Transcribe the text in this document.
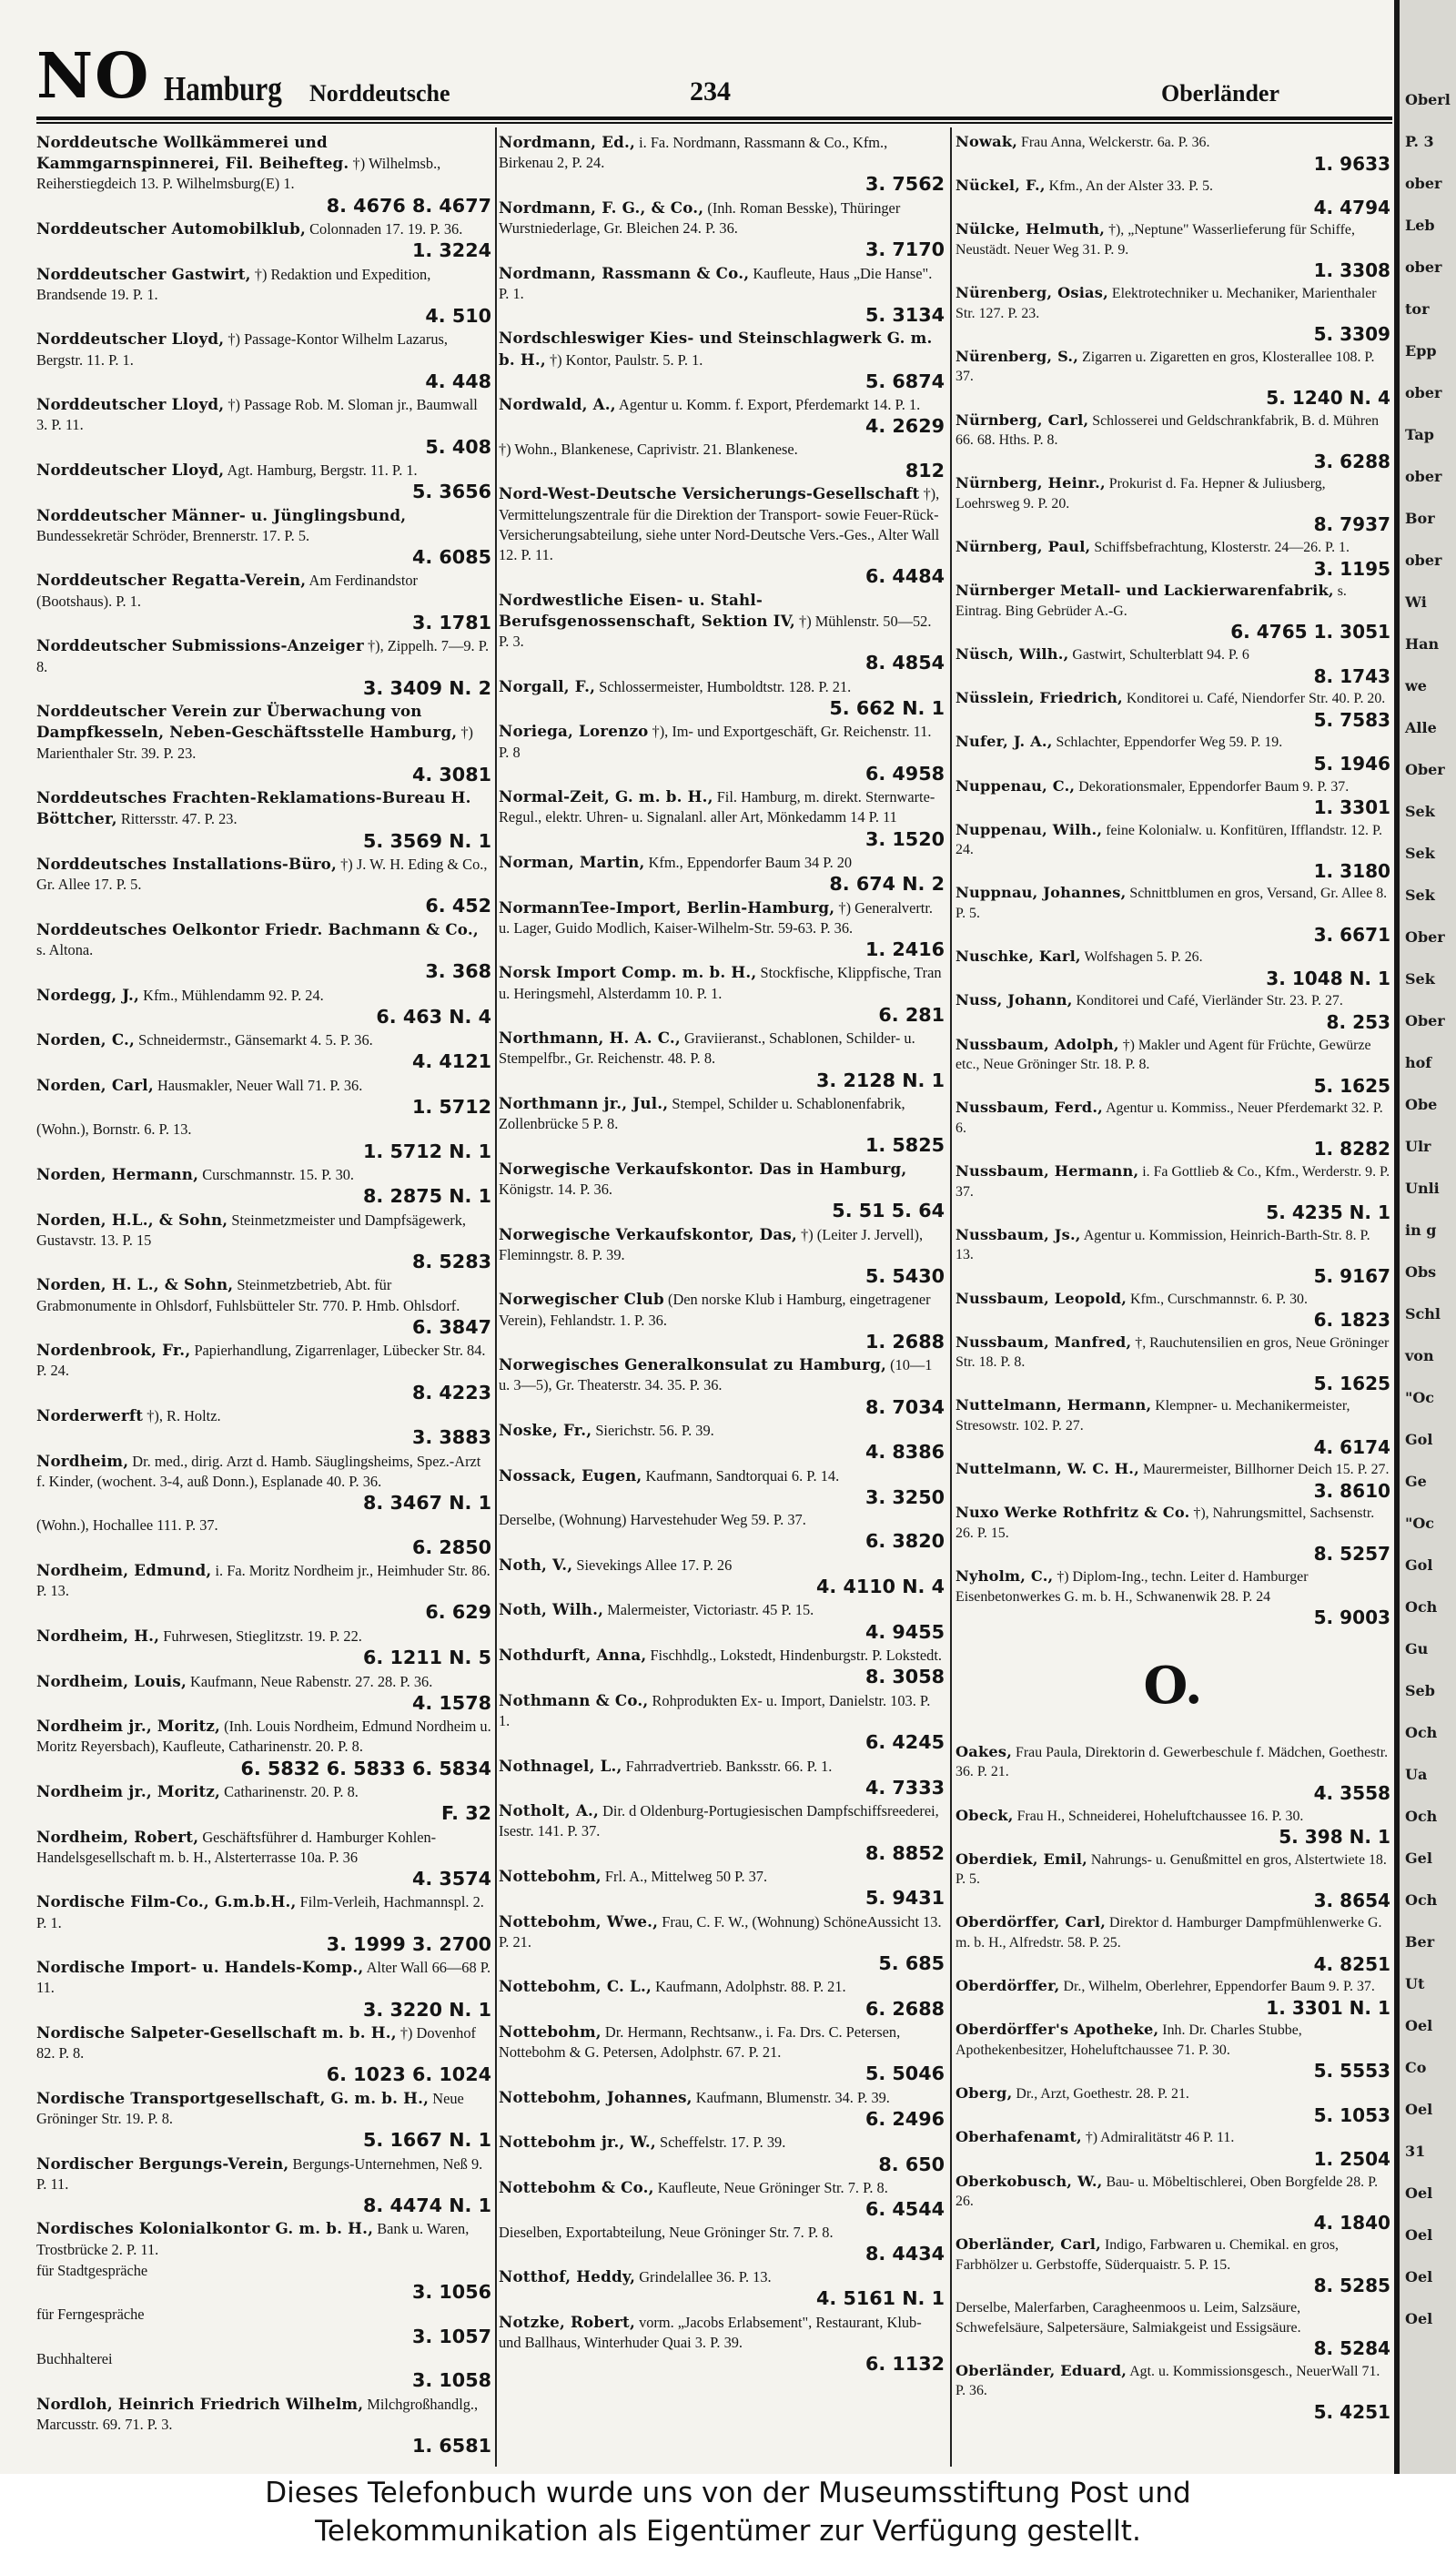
NO Hamburg Norddeutsche	234	Oberländer
Norddeutsche Wollkämmerei und Kammgarnspinnerei, Fil. Beihefteg. †) Wilhelmsb., Reiherstiegdeich 13. P. Wilhelmsburg(E) 1.
8. 4676 8. 4677
Norddeutscher Automobilklub, Colonnaden 17. 19. P. 36.
1. 3224
Norddeutscher Gastwirt, †) Redaktion und Expedition, Brandsende 19. P. 1.
4. 510
Norddeutscher Lloyd, †) Passage-Kontor Wilhelm Lazarus, Bergstr. 11. P. 1.
4. 448
Norddeutscher Lloyd, †) Passage Rob. M. Sloman jr., Baumwall 3. P. 11.
5. 408
Norddeutscher Lloyd, Agt. Hamburg, Bergstr. 11. P. 1.
5. 3656
Norddeutscher Männer- u. Jünglingsbund, Bundessekretär Schröder, Brennerstr. 17. P. 5.
4. 6085
Norddeutscher Regatta-Verein, Am Ferdinandstor (Bootshaus). P. 1.
3. 1781
Norddeutscher Submissions-Anzeiger †), Zippelh. 7—9. P. 8.
3. 3409 N. 2
Norddeutscher Verein zur Überwachung von Dampfkesseln, Neben-Geschäftsstelle Hamburg, †) Marienthaler Str. 39. P. 23.
4. 3081
Norddeutsches Frachten-Reklamations-Bureau H. Böttcher, Rittersstr. 47. P. 23.
5. 3569 N. 1
Norddeutsches Installations-Büro, †) J. W. H. Eding & Co., Gr. Allee 17. P. 5.
6. 452
Norddeutsches Oelkontor Friedr. Bachmann & Co., s. Altona.
3. 368
Nordegg, J., Kfm., Mühlendamm 92. P. 24.
6. 463 N. 4
Norden, C., Schneidermstr., Gänsemarkt 4. 5. P. 36.
4. 4121
Norden, Carl, Hausmakler, Neuer Wall 71. P. 36.
1. 5712
(Wohn.), Bornstr. 6. P. 13.
1. 5712 N. 1
Norden, Hermann, Curschmannstr. 15. P. 30.
8. 2875 N. 1
Norden, H.L., & Sohn, Steinmetzmeister und Dampfsägewerk, Gustavstr. 13. P. 15
8. 5283
Norden, H. L., & Sohn, Steinmetzbetrieb, Abt. für Grabmonumente in Ohlsdorf, Fuhlsbütteler Str. 770. P. Hmb. Ohlsdorf.
6. 3847
Nordenbrook, Fr., Papierhandlung, Zigarrenlager, Lübecker Str. 84. P. 24.
8. 4223
Norderwerft †), R. Holtz.
3. 3883
Nordheim, Dr. med., dirig. Arzt d. Hamb. Säuglingsheims, Spez.-Arzt f. Kinder, (wochent. 3-4, auß Donn.), Esplanade 40. P. 36.
8. 3467 N. 1
(Wohn.), Hochallee 111. P. 37.
6. 2850
Nordheim, Edmund, i. Fa. Moritz Nordheim jr., Heimhuder Str. 86. P. 13.
6. 629
Nordheim, H., Fuhrwesen, Stieglitzstr. 19. P. 22.
6. 1211 N. 5
Nordheim, Louis, Kaufmann, Neue Rabenstr. 27. 28. P. 36.
4. 1578
Nordheim jr., Moritz, (Inh. Louis Nordheim, Edmund Nordheim u. Moritz Reyersbach), Kaufleute, Catharinenstr. 20. P. 8.
6. 5832 6. 5833 6. 5834
Nordheim jr., Moritz, Catharinenstr. 20. P. 8.
F. 32
Nordheim, Robert, Geschäftsführer d. Hamburger Kohlen-Handelsgesellschaft m. b. H., Alsterterrasse 10a. P. 36
4. 3574
Nordische Film-Co., G.m.b.H., Film-Verleih, Hachmannspl. 2. P. 1.
3. 1999 3. 2700
Nordische Import- u. Handels-Komp., Alter Wall 66—68 P. 11.
3. 3220 N. 1
Nordische Salpeter-Gesellschaft m. b. H., †) Dovenhof 82. P. 8.
6. 1023 6. 1024
Nordische Transportgesellschaft, G. m. b. H., Neue Gröninger Str. 19. P. 8.
5. 1667 N. 1
Nordischer Bergungs-Verein, Bergungs-Unternehmen, Neß 9. P. 11.
8. 4474 N. 1
Nordisches Kolonialkontor G. m. b. H., Bank u. Waren, Trostbrücke 2. P. 11.
für Stadtgespräche
3. 1056
für Ferngespräche
3. 1057
Buchhalterei
3. 1058
Nordloh, Heinrich Friedrich Wilhelm, Milchgroßhandlg., Marcusstr. 69. 71. P. 3.
1. 6581
Nordmann, Ed., i. Fa. Nordmann, Rassmann & Co., Kfm., Birkenau 2, P. 24.
3. 7562
Nordmann, F. G., & Co., (Inh. Roman Besske), Thüringer Wurstniederlage, Gr. Bleichen 24. P. 36.
3. 7170
Nordmann, Rassmann & Co., Kaufleute, Haus „Die Hanse". P. 1.
5. 3134
Nordschleswiger Kies- und Steinschlagwerk G. m. b. H., †) Kontor, Paulstr. 5. P. 1.
5. 6874
Nordwald, A., Agentur u. Komm. f. Export, Pferdemarkt 14. P. 1.
4. 2629
†) Wohn., Blankenese, Caprivistr. 21. Blankenese.
812
Nord-West-Deutsche Versicherungs-Gesellschaft †), Vermittelungszentrale für die Direktion der Transport- sowie Feuer-Rück-Versicherungsabteilung, siehe unter Nord-Deutsche Vers.-Ges., Alter Wall 12. P. 11.
6. 4484
Nordwestliche Eisen- u. Stahl-Berufsgenossenschaft, Sektion IV, †) Mühlenstr. 50—52. P. 3.
8. 4854
Norgall, F., Schlossermeister, Humboldtstr. 128. P. 21.
5. 662 N. 1
Noriega, Lorenzo †), Im- und Exportgeschäft, Gr. Reichenstr. 11. P. 8
6. 4958
Normal-Zeit, G. m. b. H., Fil. Hamburg, m. direkt. Sternwarte-Regul., elektr. Uhren- u. Signalanl. aller Art, Mönkedamm 14 P. 11
3. 1520
Norman, Martin, Kfm., Eppendorfer Baum 34 P. 20
8. 674 N. 2
NormannTee-Import, Berlin-Hamburg, †) Generalvertr. u. Lager, Guido Modlich, Kaiser-Wilhelm-Str. 59-63. P. 36.
1. 2416
Norsk Import Comp. m. b. H., Stockfische, Klippfische, Tran u. Heringsmehl, Alsterdamm 10. P. 1.
6. 281
Northmann, H. A. C., Graviieranst., Schablonen, Schilder- u. Stempelfbr., Gr. Reichenstr. 48. P. 8.
3. 2128 N. 1
Northmann jr., Jul., Stempel, Schilder u. Schablonenfabrik, Zollenbrücke 5 P. 8.
1. 5825
Norwegische Verkaufskontor. Das in Hamburg, Königstr. 14. P. 36.
5. 51 5. 64
Norwegische Verkaufskontor, Das, †) (Leiter J. Jervell), Fleminngstr. 8. P. 39.
5. 5430
Norwegischer Club (Den norske Klub i Hamburg, eingetragener Verein), Fehlandstr. 1. P. 36.
1. 2688
Norwegisches Generalkonsulat zu Hamburg, (10—1 u. 3—5), Gr. Theaterstr. 34. 35. P. 36.
8. 7034
Noske, Fr., Sierichstr. 56. P. 39.
4. 8386
Nossack, Eugen, Kaufmann, Sandtorquai 6. P. 14.
3. 3250
Derselbe, (Wohnung) Harvestehuder Weg 59. P. 37.
6. 3820
Noth, V., Sievekings Allee 17. P. 26
4. 4110 N. 4
Noth, Wilh., Malermeister, Victoriastr. 45 P. 15.
4. 9455
Nothdurft, Anna, Fischhdlg., Lokstedt, Hindenburgstr. P. Lokstedt.
8. 3058
Nothmann & Co., Rohprodukten Ex- u. Import, Danielstr. 103. P. 1.
6. 4245
Nothnagel, L., Fahrradvertrieb. Banksstr. 66. P. 1.
4. 7333
Notholt, A., Dir. d Oldenburg-Portugiesischen Dampfschiffsreederei, Isestr. 141. P. 37.
8. 8852
Nottebohm, Frl. A., Mittelweg 50 P. 37.
5. 9431
Nottebohm, Wwe., Frau, C. F. W., (Wohnung) SchöneAussicht 13. P. 21.
5. 685
Nottebohm, C. L., Kaufmann, Adolphstr. 88. P. 21.
6. 2688
Nottebohm, Dr. Hermann, Rechtsanw., i. Fa. Drs. C. Petersen, Nottebohm & G. Petersen, Adolphstr. 67. P. 21.
5. 5046
Nottebohm, Johannes, Kaufmann, Blumenstr. 34. P. 39.
6. 2496
Nottebohm jr., W., Scheffelstr. 17. P. 39.
8. 650
Nottebohm & Co., Kaufleute, Neue Gröninger Str. 7. P. 8.
6. 4544
Dieselben, Exportabteilung, Neue Gröninger Str. 7. P. 8.
8. 4434
Notthof, Heddy, Grindelallee 36. P. 13.
4. 5161 N. 1
Notzke, Robert, vorm. „Jacobs Erlabsement", Restaurant, Klub- und Ballhaus, Winterhuder Quai 3. P. 39.
6. 1132
Nowak, Frau Anna, Welckerstr. 6a. P. 36.
1. 9633
Nückel, F., Kfm., An der Alster 33. P. 5.
4. 4794
Nülcke, Helmuth, †), „Neptune" Wasserlieferung für Schiffe, Neustädt. Neuer Weg 31. P. 9.
1. 3308
Nürenberg, Osias, Elektrotechniker u. Mechaniker, Marienthaler Str. 127. P. 23.
5. 3309
Nürenberg, S., Zigarren u. Zigaretten en gros, Klosterallee 108. P. 37.
5. 1240 N. 4
Nürnberg, Carl, Schlosserei und Geldschrankfabrik, B. d. Mühren 66. 68. Hths. P. 8.
3. 6288
Nürnberg, Heinr., Prokurist d. Fa. Hepner & Juliusberg, Loehrsweg 9. P. 20.
8. 7937
Nürnberg, Paul, Schiffsbefrachtung, Klosterstr. 24—26. P. 1.
3. 1195
Nürnberger Metall- und Lackierwarenfabrik, s. Eintrag. Bing Gebrüder A.-G.
6. 4765 1. 3051
Nüsch, Wilh., Gastwirt, Schulterblatt 94. P. 6
8. 1743
Nüsslein, Friedrich, Konditorei u. Café, Niendorfer Str. 40. P. 20.
5. 7583
Nufer, J. A., Schlachter, Eppendorfer Weg 59. P. 19.
5. 1946
Nuppenau, C., Dekorationsmaler, Eppendorfer Baum 9. P. 37.
1. 3301
Nuppenau, Wilh., feine Kolonialw. u. Konfitüren, Ifflandstr. 12. P. 24.
1. 3180
Nuppnau, Johannes, Schnittblumen en gros, Versand, Gr. Allee 8. P. 5.
3. 6671
Nuschke, Karl, Wolfshagen 5. P. 26.
3. 1048 N. 1
Nuss, Johann, Konditorei und Café, Vierländer Str. 23. P. 27.
8. 253
Nussbaum, Adolph, †) Makler und Agent für Früchte, Gewürze etc., Neue Gröninger Str. 18. P. 8.
5. 1625
Nussbaum, Ferd., Agentur u. Kommiss., Neuer Pferdemarkt 32. P. 6.
1. 8282
Nussbaum, Hermann, i. Fa Gottlieb & Co., Kfm., Werderstr. 9. P. 37.
5. 4235 N. 1
Nussbaum, Js., Agentur u. Kommission, Heinrich-Barth-Str. 8. P. 13.
5. 9167
Nussbaum, Leopold, Kfm., Curschmannstr. 6. P. 30.
6. 1823
Nussbaum, Manfred, †, Rauchutensilien en gros, Neue Gröninger Str. 18. P. 8.
5. 1625
Nuttelmann, Hermann, Klempner- u. Mechanikermeister, Stresowstr. 102. P. 27.
4. 6174
Nuttelmann, W. C. H., Maurermeister, Billhorner Deich 15. P. 27.
3. 8610
Nuxo Werke Rothfritz & Co. †), Nahrungsmittel, Sachsenstr. 26. P. 15.
8. 5257
Nyholm, C., †) Diplom-Ing., techn. Leiter d. Hamburger Eisenbetonwerkes G. m. b. H., Schwanenwik 28. P. 24
5. 9003
O.
Oakes, Frau Paula, Direktorin d. Gewerbeschule f. Mädchen, Goethestr. 36. P. 21.
4. 3558
Obeck, Frau H., Schneiderei, Hoheluftchaussee 16. P. 30.
5. 398 N. 1
Oberdiek, Emil, Nahrungs- u. Genußmittel en gros, Alstertwiete 18. P. 5.
3. 8654
Oberdörffer, Carl, Direktor d. Hamburger Dampfmühlenwerke G. m. b. H., Alfredstr. 58. P. 25.
4. 8251
Oberdörffer, Dr., Wilhelm, Oberlehrer, Eppendorfer Baum 9. P. 37.
1. 3301 N. 1
Oberdörffer's Apotheke, Inh. Dr. Charles Stubbe, Apothekenbesitzer, Hoheluftchaussee 71. P. 30.
5. 5553
Oberg, Dr., Arzt, Goethestr. 28. P. 21.
5. 1053
Oberhafenamt, †) Admiralitätstr 46 P. 11.
1. 2504
Oberkobusch, W., Bau- u. Möbeltischlerei, Oben Borgfelde 28. P. 26.
4. 1840
Oberländer, Carl, Indigo, Farbwaren u. Chemikal. en gros, Farbhölzer u. Gerbstoffe, Süderquaistr. 5. P. 15.
8. 5285
Derselbe, Malerfarben, Caragheenmoos u. Leim, Salzsäure, Schwefelsäure, Salpetersäure, Salmiakgeist und Essigsäure.
8. 5284
Oberländer, Eduard, Agt. u. Kommissionsgesch., NeuerWall 71. P. 36.
5. 4251
Oberl
P. 3
ober
Leb
ober
tor
Epp
ober
Tap
ober
Bor
ober
Wi
Han
we
Alle
Ober
Sek
Sek
Sek
Ober
Sek
Ober
hof
Obe
Ulr
Unli
in g
Obs
Schl
von
"Oc
Gol
Ge
"Oc
Gol
Och
Gu
Seb
Och
Ua
Och
Gel
Och
Ber
Ut
Oel
Co
Oel
31
Oel
Oel
Oel
Oel
Dieses Telefonbuch wurde uns von der Museumsstiftung Post und
Telekommunikation als Eigentümer zur Verfügung gestellt.
